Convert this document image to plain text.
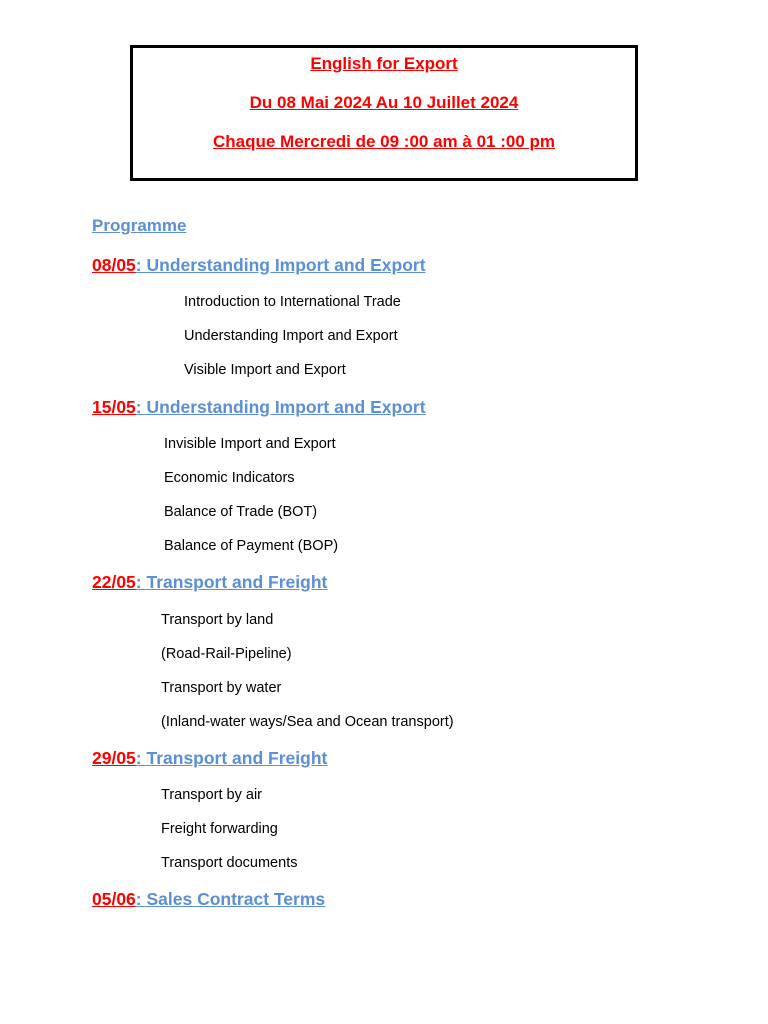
English for Export
Du 08 Mai 2024 Au 10 Juillet 2024
Chaque Mercredi de 09 :00 am à 01 :00 pm
Programme
08/05: Understanding Import and Export
Introduction to International Trade
Understanding Import and Export
Visible Import and Export
15/05: Understanding Import and Export
Invisible Import and Export
Economic Indicators
Balance of Trade (BOT)
Balance of Payment (BOP)
22/05: Transport and Freight
Transport by land
(Road-Rail-Pipeline)
Transport by water
(Inland-water ways/Sea and Ocean transport)
29/05: Transport and Freight
Transport by air
Freight forwarding
Transport documents
05/06: Sales Contract Terms
